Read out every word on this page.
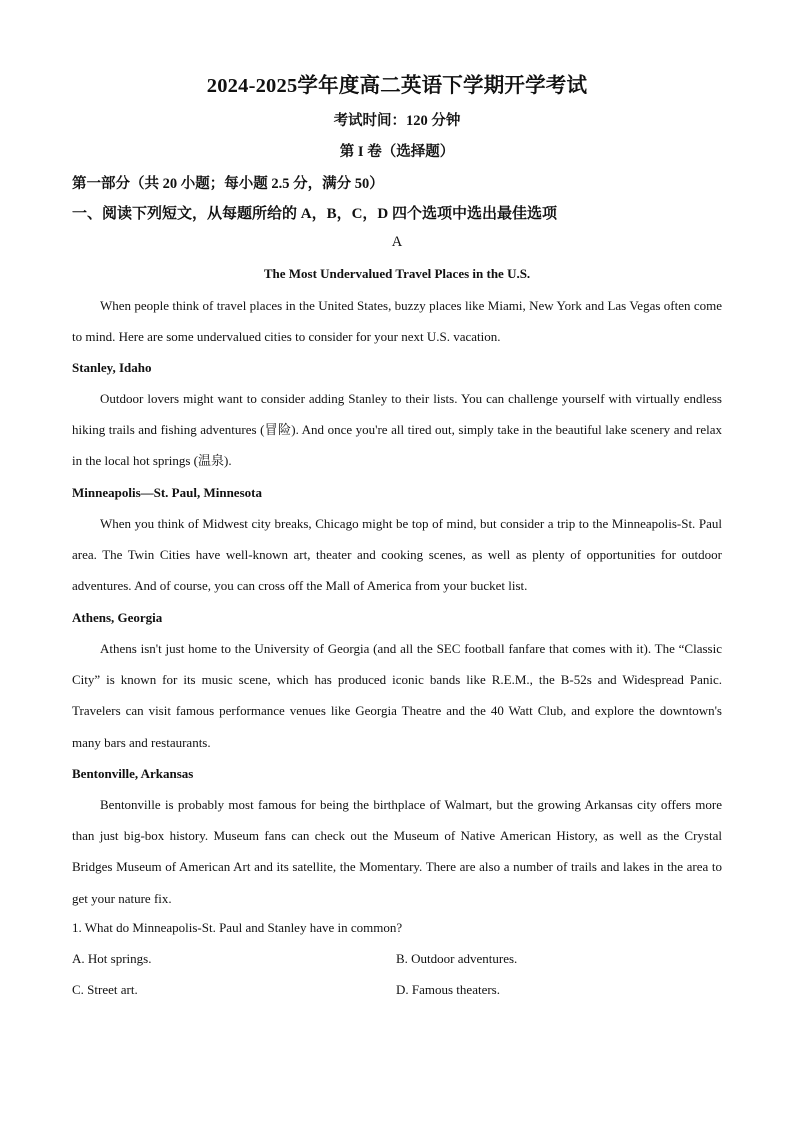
2024-2025学年度高二英语下学期开学考试
考试时间：120 分钟
第 I 卷（选择题）
第一部分（共 20 小题；每小题 2.5 分，满分 50）
一、阅读下列短文，从每题所给的 A，B，C，D 四个选项中选出最佳选项
A
The Most Undervalued Travel Places in the U.S.

When people think of travel places in the United States, buzzy places like Miami, New York and Las Vegas often come to mind. Here are some undervalued cities to consider for your next U.S. vacation.

Stanley, Idaho

Outdoor lovers might want to consider adding Stanley to their lists. You can challenge yourself with virtually endless hiking trails and fishing adventures (冒险). And once you're all tired out, simply take in the beautiful lake scenery and relax in the local hot springs (温泉).

Minneapolis—St. Paul, Minnesota

When you think of Midwest city breaks, Chicago might be top of mind, but consider a trip to the Minneapolis-St. Paul area. The Twin Cities have well-known art, theater and cooking scenes, as well as plenty of opportunities for outdoor adventures. And of course, you can cross off the Mall of America from your bucket list.

Athens, Georgia

Athens isn't just home to the University of Georgia (and all the SEC football fanfare that comes with it). The “Classic City” is known for its music scene, which has produced iconic bands like R.E.M., the B-52s and Widespread Panic. Travelers can visit famous performance venues like Georgia Theatre and the 40 Watt Club, and explore the downtown's many bars and restaurants.

Bentonville, Arkansas

Bentonville is probably most famous for being the birthplace of Walmart, but the growing Arkansas city offers more than just big-box history. Museum fans can check out the Museum of Native American History, as well as the Crystal Bridges Museum of American Art and its satellite, the Momentary. There are also a number of trails and lakes in the area to get your nature fix.

1. What do Minneapolis-St. Paul and Stanley have in common?
A. Hot springs.	B. Outdoor adventures.
C. Street art.	D. Famous theaters.
